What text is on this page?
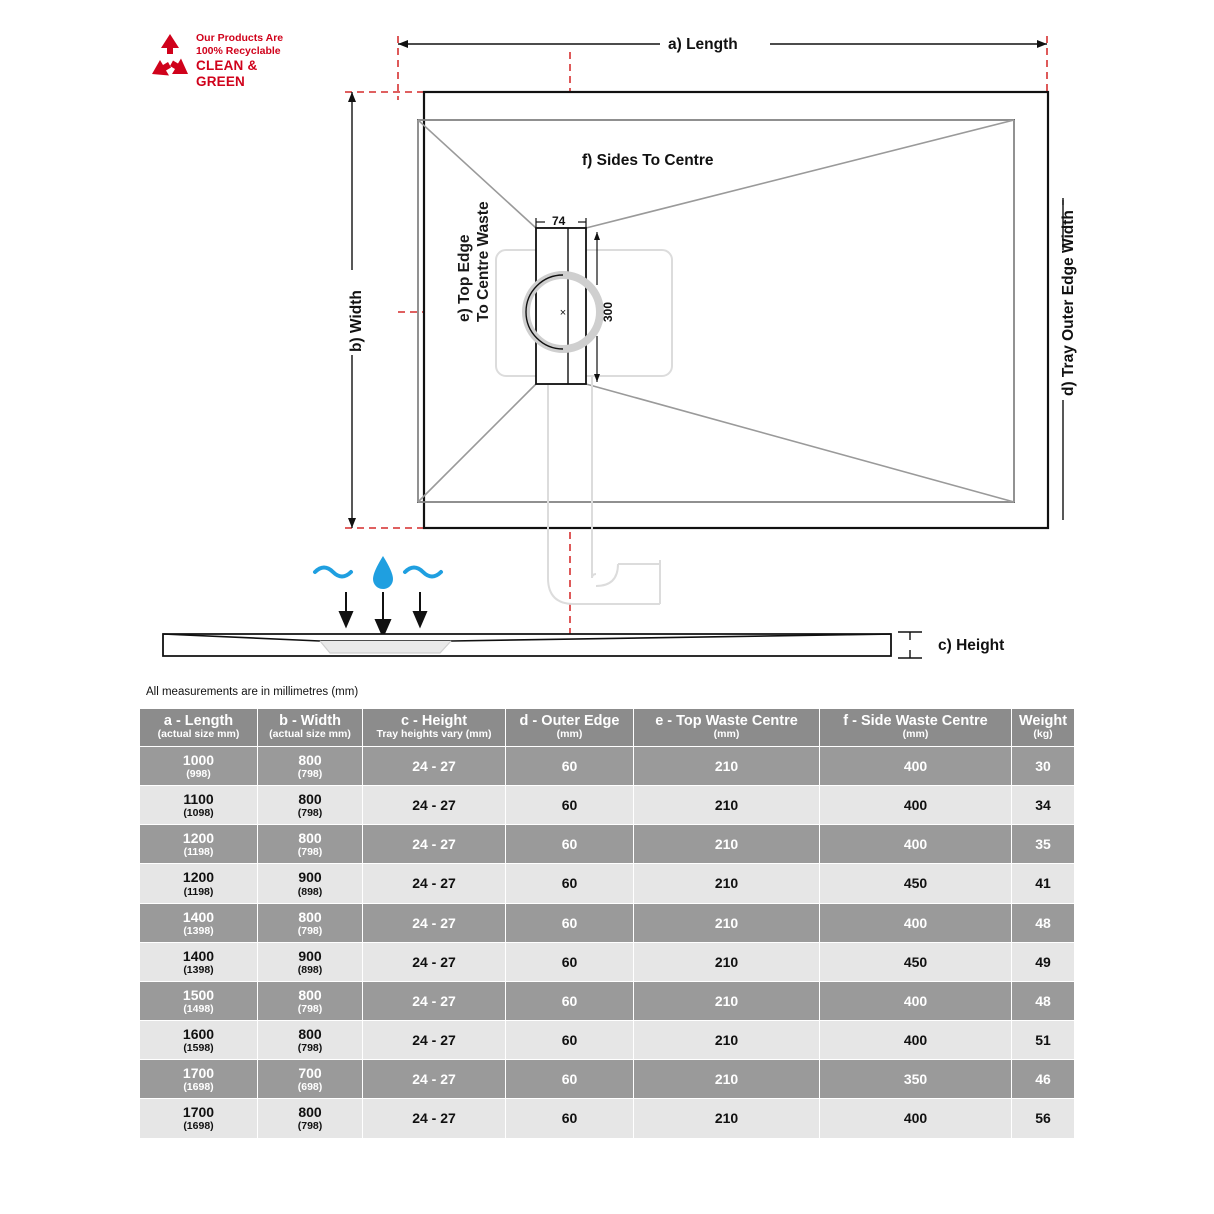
Our Products Are
100% Recyclable
CLEAN & GREEN
×
a) Length
b) Width	d) Tray Outer Edge Width
c) Height
f) Sides To Centre
e) Top Edge To Centre Waste	74
300
All measurements are in millimetres (mm)
a - Length
(actual size mm)	b - Width
(actual size mm)	c - Height
Tray heights vary (mm)	d - Outer Edge
(mm)	e - Top Waste Centre
(mm)	f - Side Waste Centre
(mm)	Weight
(kg)

1000
(998)	800
(798)	24 - 27	60	210	400	30

1100
(1098)	800
(798)	24 - 27	60	210	400	34

1200
(1198)	800
(798)	24 - 27	60	210	400	35

1200
(1198)	900
(898)	24 - 27	60	210	450	41

1400
(1398)	800
(798)	24 - 27	60	210	400	48

1400
(1398)	900
(898)	24 - 27	60	210	450	49

1500
(1498)	800
(798)	24 - 27	60	210	400	48

1600
(1598)	800
(798)	24 - 27	60	210	400	51

1700
(1698)	700
(698)	24 - 27	60	210	350	46

1700
(1698)	800
(798)	24 - 27	60	210	400	56
